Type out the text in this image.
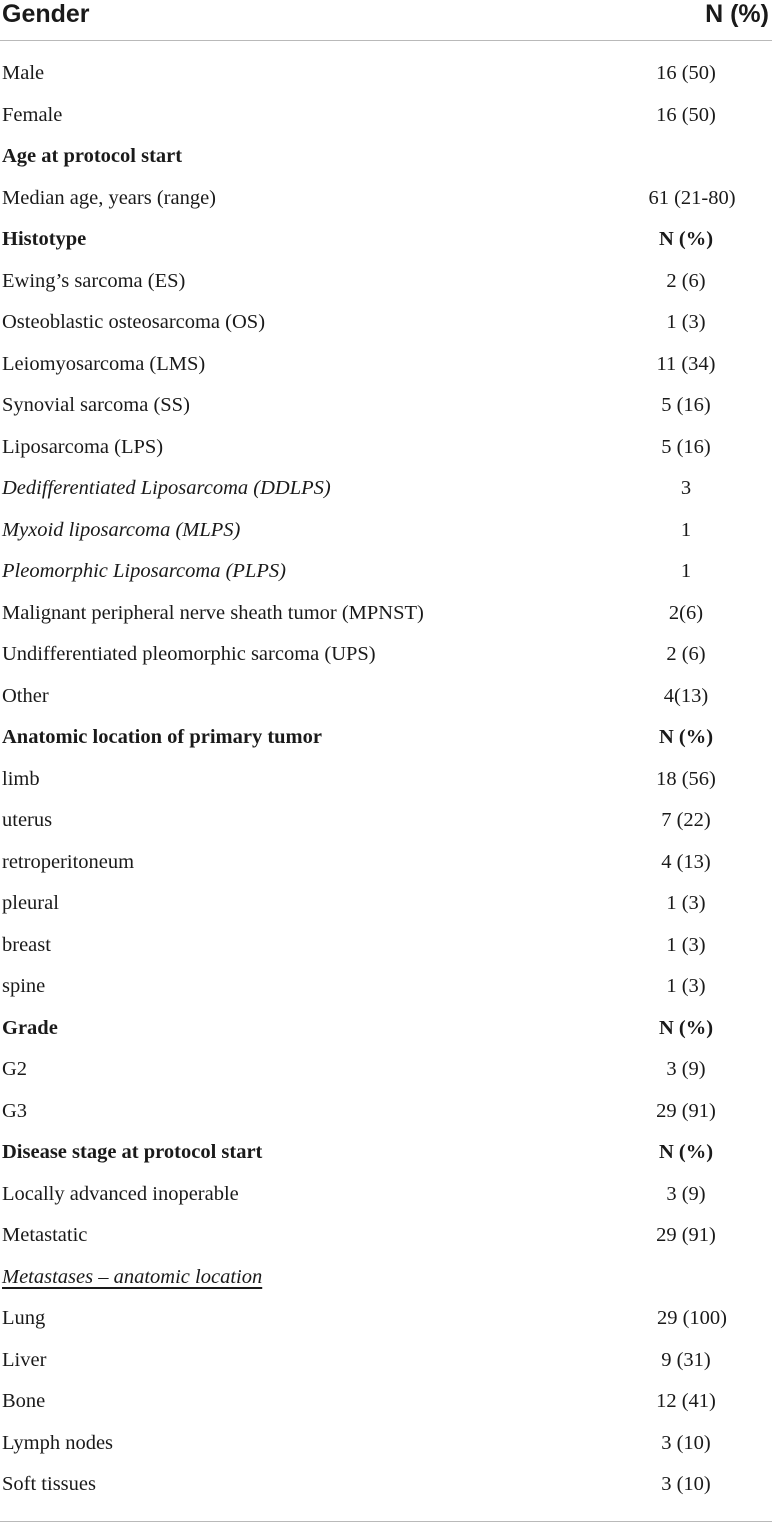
Gender	N (%)
Male	16 (50)
Female	16 (50)
Age at protocol start
Median age, years (range)	61 (21-80)
Histotype	N (%)
Ewing’s sarcoma (ES)	2 (6)
Osteoblastic osteosarcoma (OS)	1 (3)
Leiomyosarcoma (LMS)	11 (34)
Synovial sarcoma (SS)	5 (16)
Liposarcoma (LPS)	5 (16)
Dedifferentiated Liposarcoma (DDLPS)	3
Myxoid liposarcoma (MLPS)	1
Pleomorphic Liposarcoma (PLPS)	1
Malignant peripheral nerve sheath tumor (MPNST)	2(6)
Undifferentiated pleomorphic sarcoma (UPS)	2 (6)
Other	4(13)
Anatomic location of primary tumor	N (%)
limb	18 (56)
uterus	7 (22)
retroperitoneum	4 (13)
pleural	1 (3)
breast	1 (3)
spine	1 (3)
Grade	N (%)
G2	3 (9)
G3	29 (91)
Disease stage at protocol start	N (%)
Locally advanced inoperable	3 (9)
Metastatic	29 (91)
Metastases – anatomic location
Lung	29 (100)
Liver	9 (31)
Bone	12 (41)
Lymph nodes	3 (10)
Soft tissues	3 (10)
